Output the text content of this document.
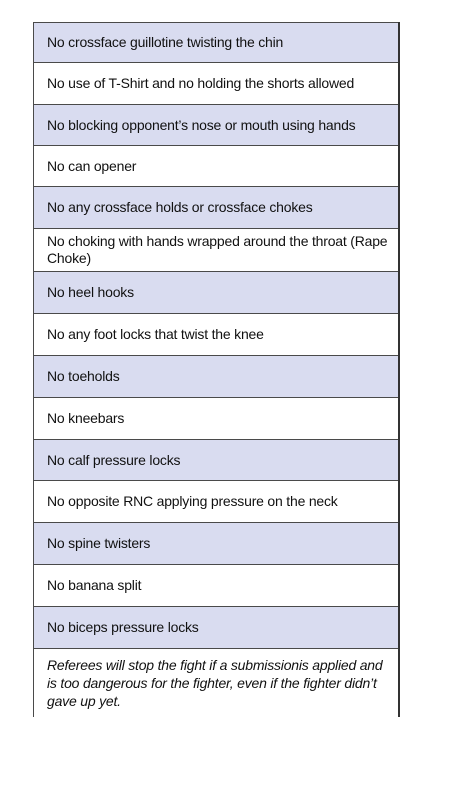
No crossface guillotine twisting the chin
No use of T-Shirt and no holding the shorts allowed
No blocking opponent’s nose or mouth using hands
No can opener
No any crossface holds or crossface chokes
No choking with hands wrapped around the throat (Rape Choke)
No heel hooks
No any foot locks that twist the knee
No toeholds
No kneebars
No calf pressure locks
No opposite RNC applying pressure on the neck
No spine twisters
No banana split
No biceps pressure locks
Referees will stop the fight if a submissionis applied and is too dangerous for the fighter, even if the fighter didn’t gave up yet.
